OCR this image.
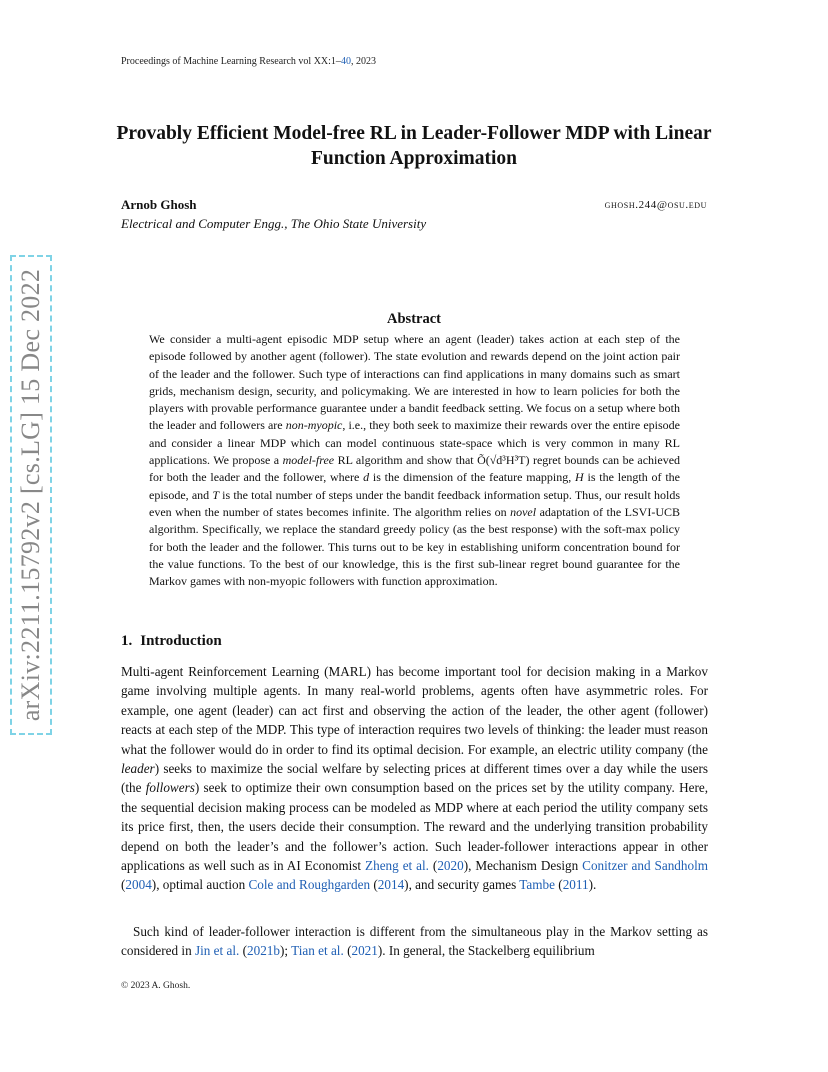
Proceedings of Machine Learning Research vol XX:1–40, 2023
Provably Efficient Model-free RL in Leader-Follower MDP with Linear Function Approximation
Arnob Ghosh	ghosh.244@osu.edu
Electrical and Computer Engg., The Ohio State University
arXiv:2211.15792v2 [cs.LG] 15 Dec 2022	Abstract
We consider a multi-agent episodic MDP setup where an agent (leader) takes action at each step of the episode followed by another agent (follower). The state evolution and rewards depend on the joint action pair of the leader and the follower. Such type of interactions can find applications in many domains such as smart grids, mechanism design, security, and policymaking. We are interested in how to learn policies for both the players with provable performance guarantee under a bandit feedback setting. We focus on a setup where both the leader and followers are non-myopic, i.e., they both seek to maximize their rewards over the entire episode and consider a linear MDP which can model continuous state-space which is very common in many RL applications. We propose a model-free RL algorithm and show that Õ(√d³H³T) regret bounds can be achieved for both the leader and the follower, where d is the dimension of the feature mapping, H is the length of the episode, and T is the total number of steps under the bandit feedback information setup. Thus, our result holds even when the number of states becomes infinite. The algorithm relies on novel adaptation of the LSVI-UCB algorithm. Specifically, we replace the standard greedy policy (as the best response) with the soft-max policy for both the leader and the follower. This turns out to be key in establishing uniform concentration bound for the value functions. To the best of our knowledge, this is the first sub-linear regret bound guarantee for the Markov games with non-myopic followers with function approximation.
1. Introduction
Multi-agent Reinforcement Learning (MARL) has become important tool for decision making in a Markov game involving multiple agents. In many real-world problems, agents often have asymmetric roles. For example, one agent (leader) can act first and observing the action of the leader, the other agent (follower) reacts at each step of the MDP. This type of interaction requires two levels of thinking: the leader must reason what the follower would do in order to find its optimal decision. For example, an electric utility company (the leader) seeks to maximize the social welfare by selecting prices at different times over a day while the users (the followers) seek to optimize their own consumption based on the prices set by the utility company. Here, the sequential decision making process can be modeled as MDP where at each period the utility company sets its price first, then, the users decide their consumption. The reward and the underlying transition probability depend on both the leader’s and the follower’s action. Such leader-follower interactions appear in other applications as well such as in AI Economist Zheng et al. (2020), Mechanism Design Conitzer and Sandholm (2004), optimal auction Cole and Roughgarden (2014), and security games Tambe (2011).
Such kind of leader-follower interaction is different from the simultaneous play in the Markov setting as considered in Jin et al. (2021b); Tian et al. (2021). In general, the Stackelberg equilibrium
© 2023 A. Ghosh.
